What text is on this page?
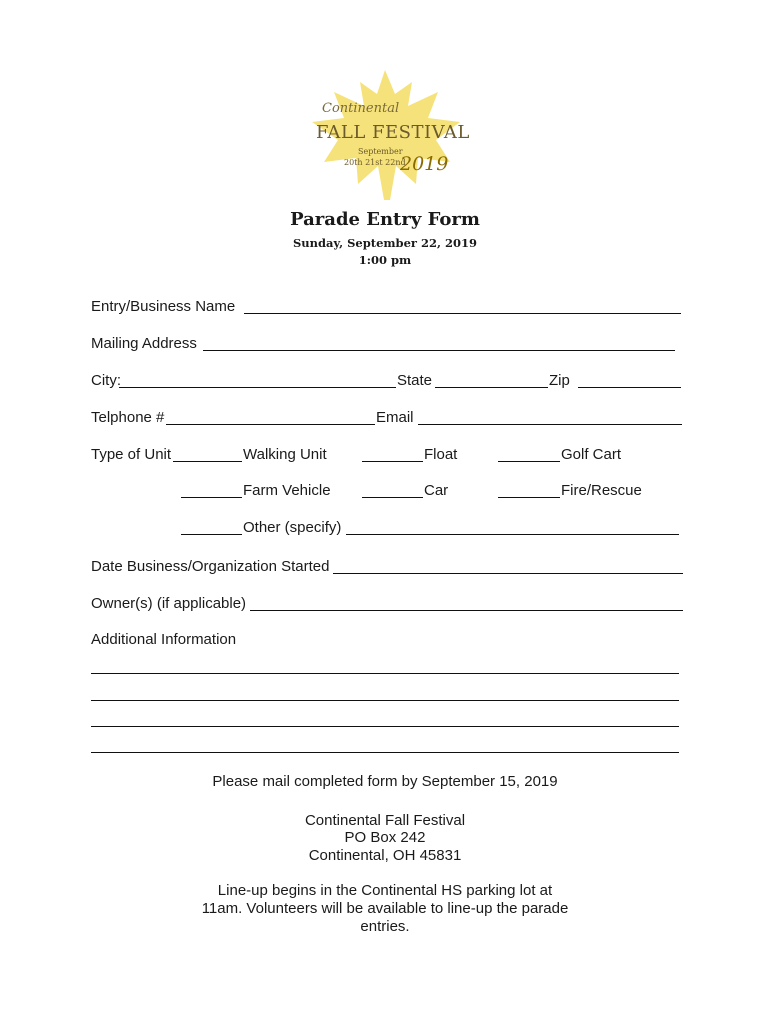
Continental
FALL FESTIVAL
September
20th 21st 22nd
2019
Parade Entry Form
Sunday, September 22, 2019
1:00 pm
Entry/Business Name
Mailing Address
City:	State	Zip
Telphone #	Email
Type of Unit	Walking Unit	Float	Golf Cart
Farm Vehicle	Car	Fire/Rescue
Other (specify)
Date Business/Organization Started
Owner(s) (if applicable)
Additional Information
Please mail completed form by September 15, 2019
Continental Fall Festival
PO Box 242
Continental, OH 45831
Line-up begins in the Continental HS parking lot at
11am. Volunteers will be available to line-up the parade
entries.
